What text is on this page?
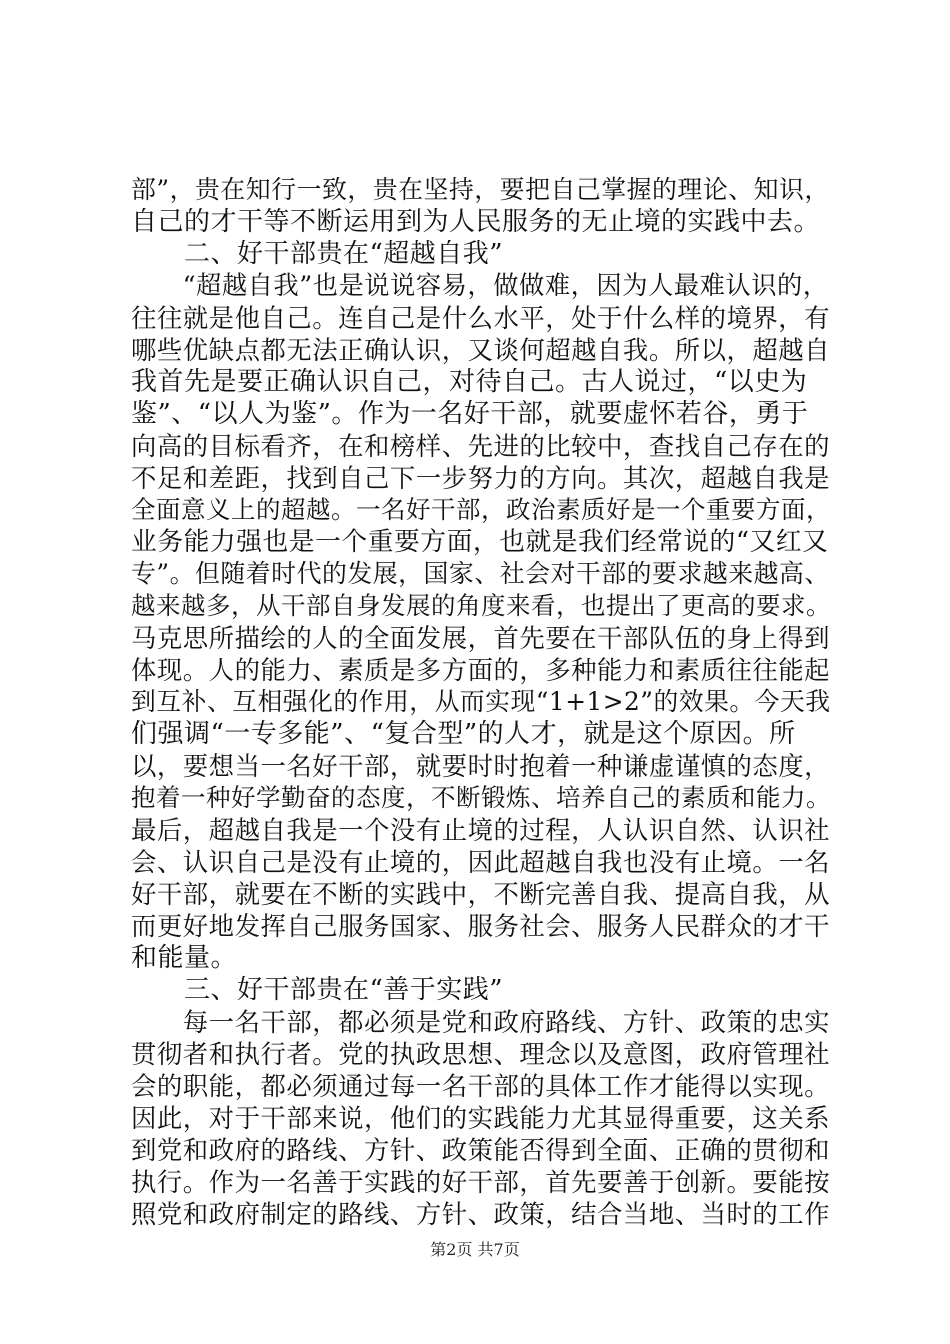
部”，贵在知行一致，贵在坚持，要把自己掌握的理论、知识，
自己的才干等不断运用到为人民服务的无止境的实践中去。
　　二、好干部贵在“超越自我”
　　“超越自我”也是说说容易，做做难，因为人最难认识的，
往往就是他自己。连自己是什么水平，处于什么样的境界，有
哪些优缺点都无法正确认识，又谈何超越自我。所以，超越自
我首先是要正确认识自己，对待自己。古人说过，“以史为
鉴”、“以人为鉴”。作为一名好干部，就要虚怀若谷，勇于
向高的目标看齐，在和榜样、先进的比较中，查找自己存在的
不足和差距，找到自己下一步努力的方向。其次，超越自我是
全面意义上的超越。一名好干部，政治素质好是一个重要方面，
业务能力强也是一个重要方面，也就是我们经常说的“又红又
专”。但随着时代的发展，国家、社会对干部的要求越来越高、
越来越多，从干部自身发展的角度来看，也提出了更高的要求。
马克思所描绘的人的全面发展，首先要在干部队伍的身上得到
体现。人的能力、素质是多方面的，多种能力和素质往往能起
到互补、互相强化的作用，从而实现“1+1>2”的效果。今天我
们强调“一专多能”、“复合型”的人才，就是这个原因。所
以，要想当一名好干部，就要时时抱着一种谦虚谨慎的态度，
抱着一种好学勤奋的态度，不断锻炼、培养自己的素质和能力。
最后，超越自我是一个没有止境的过程，人认识自然、认识社
会、认识自己是没有止境的，因此超越自我也没有止境。一名
好干部，就要在不断的实践中，不断完善自我、提高自我，从
而更好地发挥自己服务国家、服务社会、服务人民群众的才干
和能量。
　　三、好干部贵在“善于实践”
　　每一名干部，都必须是党和政府路线、方针、政策的忠实
贯彻者和执行者。党的执政思想、理念以及意图，政府管理社
会的职能，都必须通过每一名干部的具体工作才能得以实现。
因此，对于干部来说，他们的实践能力尤其显得重要，这关系
到党和政府的路线、方针、政策能否得到全面、正确的贯彻和
执行。作为一名善于实践的好干部，首先要善于创新。要能按
照党和政府制定的路线、方针、政策，结合当地、当时的工作
第2页 共7页
